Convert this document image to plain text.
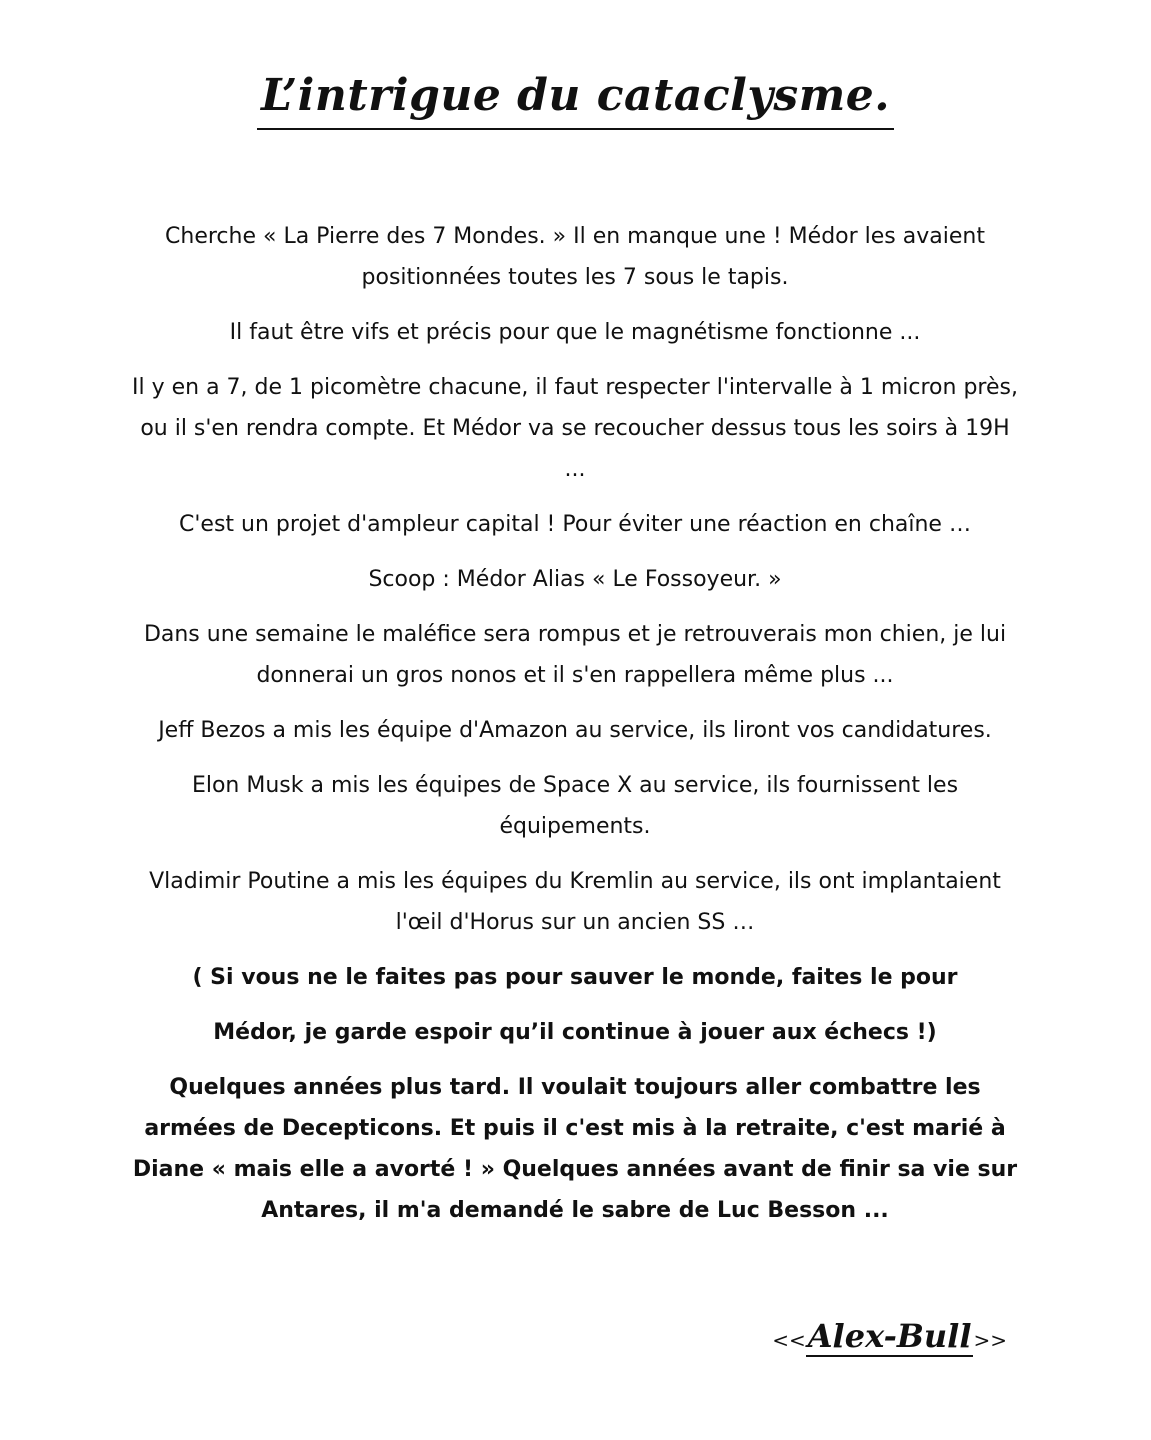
L’intrigue du cataclysme.

Cherche « La Pierre des 7 Mondes. » Il en manque une ! Médor les avaient positionnées toutes les 7 sous le tapis.

Il faut être vifs et précis pour que le magnétisme fonctionne ...

Il y en a 7, de 1 picomètre chacune, il faut respecter l'intervalle à 1 micron près, ou il s'en rendra compte. Et Médor va se recoucher dessus tous les soirs à 19H ...

C'est un projet d'ampleur capital ! Pour éviter une réaction en chaîne …

Scoop : Médor Alias « Le Fossoyeur. »

Dans une semaine le maléfice sera rompus et je retrouverais mon chien, je lui donnerai un gros nonos et il s'en rappellera même plus ...

Jeff Bezos a mis les équipe d'Amazon au service, ils liront vos candidatures.

Elon Musk a mis les équipes de Space X au service, ils fournissent les équipements.

Vladimir Poutine a mis les équipes du Kremlin au service, ils ont implantaient l'œil d'Horus sur un ancien SS …

( Si vous ne le faites pas pour sauver le monde, faites le pour

Médor, je garde espoir qu’il continue à jouer aux échecs !)

Quelques années plus tard. Il voulait toujours aller combattre les armées de Decepticons. Et puis il c'est mis à la retraite, c'est marié à Diane « mais elle a avorté ! » Quelques années avant de finir sa vie sur Antares, il m'a demandé le sabre de Luc Besson ...

<<Alex-Bull >>
